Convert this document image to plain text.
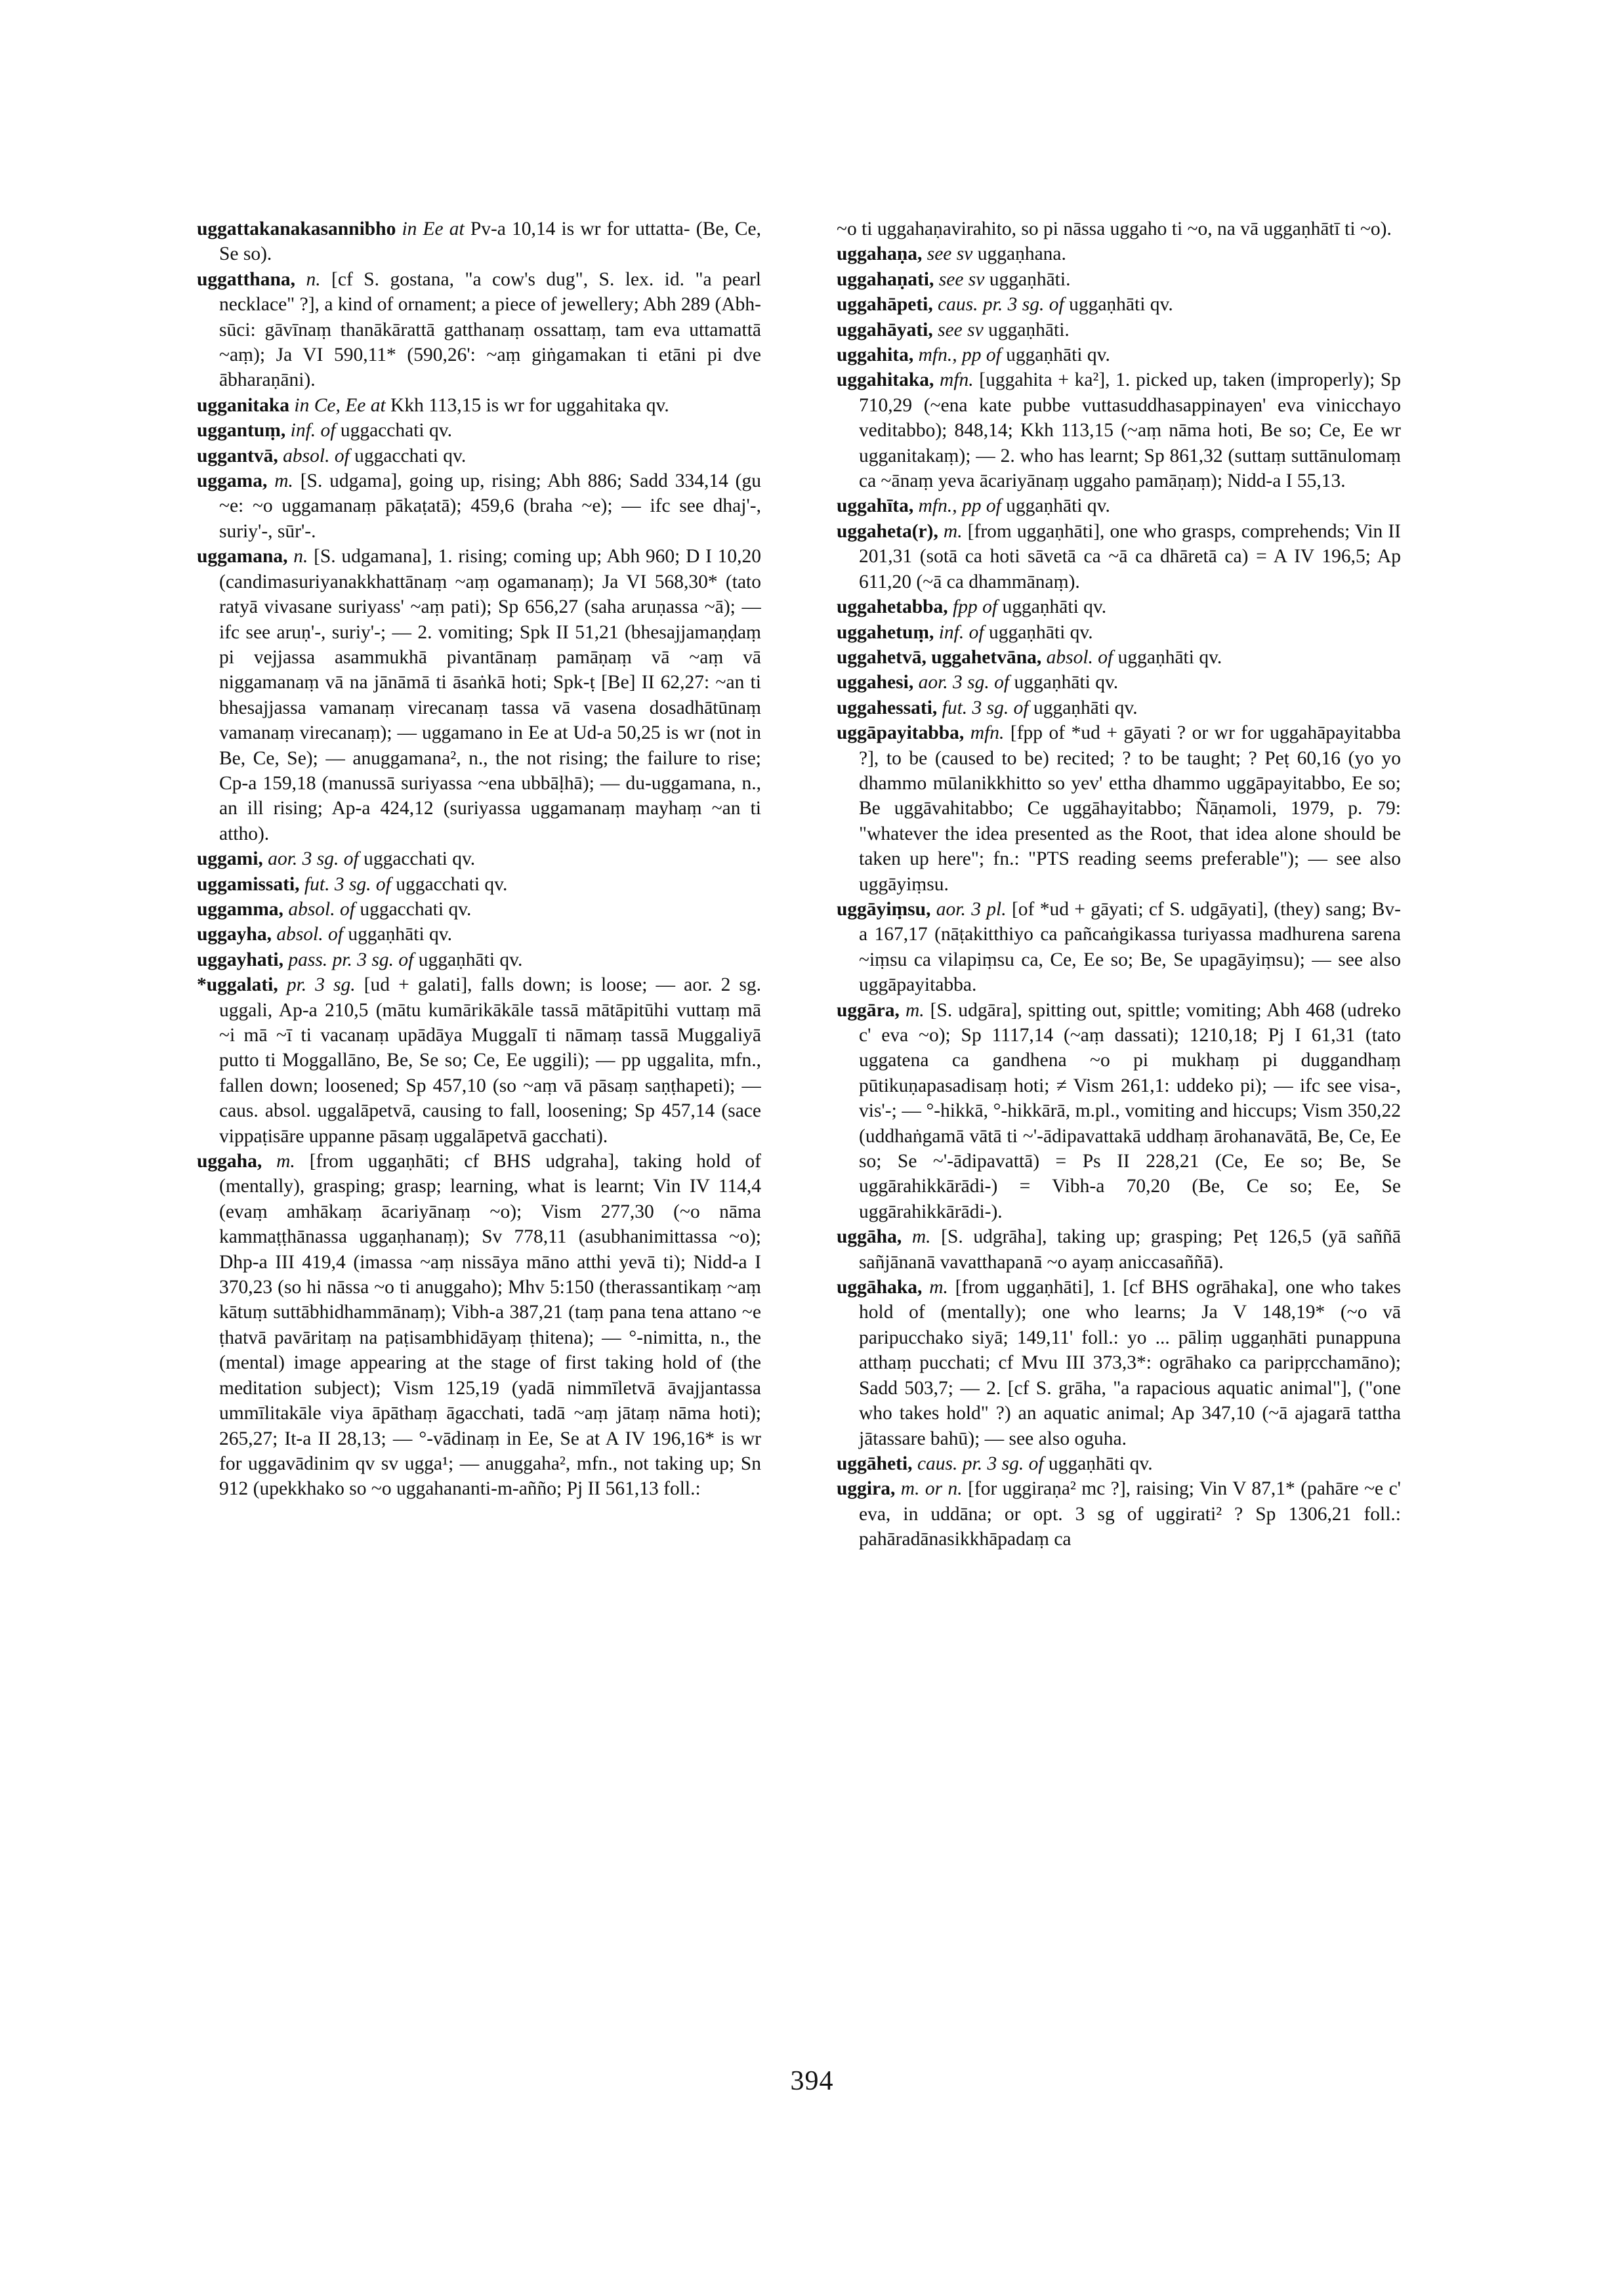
uggattakanakasannibho in Ee at Pv-a 10,14 is wr for uttatta- (Be, Ce, Se so).

uggatthana, n. [cf S. gostana, "a cow's dug", S. lex. id. "a pearl necklace" ?], a kind of ornament; a piece of jewellery; Abh 289 (Abh-sūci: gāvīnaṃ thanākārattā gatthanaṃ ossattaṃ, tam eva uttamattā ~aṃ); Ja VI 590,11* (590,26': ~aṃ giṅgamakan ti etāni pi dve ābharaṇāni).

ugganitaka in Ce, Ee at Kkh 113,15 is wr for uggahitaka qv.

uggantuṃ, inf. of uggacchati qv.

uggantvā, absol. of uggacchati qv.

uggama, m. [S. udgama], going up, rising; Abh 886; Sadd 334,14 (gu ~e: ~o uggamanaṃ pākaṭatā); 459,6 (braha ~e); — ifc see dhaj'-, suriy'-, sūr'-.

uggamana, n. [S. udgamana], 1. rising; coming up; Abh 960; D I 10,20 (candimasuriyanakkhattānaṃ ~aṃ ogamanaṃ); Ja VI 568,30* (tato ratyā vivasane suriyass' ~aṃ pati); Sp 656,27 (saha aruṇassa ~ā); — ifc see aruṇ'-, suriy'-; — 2. vomiting; Spk II 51,21 (bhesajjamaṇḍaṃ pi vejjassa asammukhā pivantānaṃ pamāṇaṃ vā ~aṃ vā niggamanaṃ vā na jānāmā ti āsaṅkā hoti; Spk-ṭ [Be] II 62,27: ~an ti bhesajjassa vamanaṃ virecanaṃ tassa vā vasena dosadhātūnaṃ vamanaṃ virecanaṃ); — uggamano in Ee at Ud-a 50,25 is wr (not in Be, Ce, Se); — anuggamana², n., the not rising; the failure to rise; Cp-a 159,18 (manussā suriyassa ~ena ubbāḷhā); — du-uggamana, n., an ill rising; Ap-a 424,12 (suriyassa uggamanaṃ mayhaṃ ~an ti attho).

uggami, aor. 3 sg. of uggacchati qv.

uggamissati, fut. 3 sg. of uggacchati qv.

uggamma, absol. of uggacchati qv.

uggayha, absol. of uggaṇhāti qv.

uggayhati, pass. pr. 3 sg. of uggaṇhāti qv.

*uggalati, pr. 3 sg. [ud + galati], falls down; is loose; — aor. 2 sg. uggali, Ap-a 210,5 (mātu kumārikākāle tassā mātāpitūhi vuttaṃ mā ~i mā ~ī ti vacanaṃ upādāya Muggalī ti nāmaṃ tassā Muggaliyā putto ti Moggallāno, Be, Se so; Ce, Ee uggili); — pp uggalita, mfn., fallen down; loosened; Sp 457,10 (so ~aṃ vā pāsaṃ saṇṭhapeti); — caus. absol. uggalāpetvā, causing to fall, loosening; Sp 457,14 (sace vippaṭisāre uppanne pāsaṃ uggalāpetvā gacchati).

uggaha, m. [from uggaṇhāti; cf BHS udgraha], taking hold of (mentally), grasping; grasp; learning, what is learnt; Vin IV 114,4 (evaṃ amhākaṃ ācariyānaṃ ~o); Vism 277,30 (~o nāma kammaṭṭhānassa uggaṇhanaṃ); Sv 778,11 (asubhanimittassa ~o); Dhp-a III 419,4 (imassa ~aṃ nissāya māno atthi yevā ti); Nidd-a I 370,23 (so hi nāssa ~o ti anuggaho); Mhv 5:150 (therassantikaṃ ~aṃ kātuṃ suttābhidhammānaṃ); Vibh-a 387,21 (taṃ pana tena attano ~e ṭhatvā pavāritaṃ na paṭisambhidāyaṃ ṭhitena); — °-nimitta, n., the (mental) image appearing at the stage of first taking hold of (the meditation subject); Vism 125,19 (yadā nimmīletvā āvajjantassa ummīlitakāle viya āpāthaṃ āgacchati, tadā ~aṃ jātaṃ nāma hoti); 265,27; It-a II 28,13; — °-vādinaṃ in Ee, Se at A IV 196,16* is wr for uggavādinim qv sv ugga¹; — anuggaha², mfn., not taking up; Sn 912 (upekkhako so ~o uggahananti-m-añño; Pj II 561,13 foll.:

~o ti uggahaṇavirahito, so pi nāssa uggaho ti ~o, na vā uggaṇhātī ti ~o).

uggahaṇa, see sv uggaṇhana.

uggahaṇati, see sv uggaṇhāti.

uggahāpeti, caus. pr. 3 sg. of uggaṇhāti qv.

uggahāyati, see sv uggaṇhāti.

uggahita, mfn., pp of uggaṇhāti qv.

uggahitaka, mfn. [uggahita + ka²], 1. picked up, taken (improperly); Sp 710,29 (~ena kate pubbe vuttasuddhasappinayen' eva vinicchayo veditabbo); 848,14; Kkh 113,15 (~aṃ nāma hoti, Be so; Ce, Ee wr ugganitakaṃ); — 2. who has learnt; Sp 861,32 (suttaṃ suttānulomaṃ ca ~ānaṃ yeva ācariyānaṃ uggaho pamāṇaṃ); Nidd-a I 55,13.

uggahīta, mfn., pp of uggaṇhāti qv.

uggaheta(r), m. [from uggaṇhāti], one who grasps, comprehends; Vin II 201,31 (sotā ca hoti sāvetā ca ~ā ca dhāretā ca) = A IV 196,5; Ap 611,20 (~ā ca dhammānaṃ).

uggahetabba, fpp of uggaṇhāti qv.

uggahetuṃ, inf. of uggaṇhāti qv.

uggahetvā, uggahetvāna, absol. of uggaṇhāti qv.

uggahesi, aor. 3 sg. of uggaṇhāti qv.

uggahessati, fut. 3 sg. of uggaṇhāti qv.

uggāpayitabba, mfn. [fpp of *ud + gāyati ? or wr for uggahāpayitabba ?], to be (caused to be) recited; ? to be taught; ? Peṭ 60,16 (yo yo dhammo mūlanikkhitto so yev' ettha dhammo uggāpayitabbo, Ee so; Be uggāvahitabbo; Ce uggāhayitabbo; Ñāṇamoli, 1979, p. 79: "whatever the idea presented as the Root, that idea alone should be taken up here"; fn.: "PTS reading seems preferable"); — see also uggāyiṃsu.

uggāyiṃsu, aor. 3 pl. [of *ud + gāyati; cf S. udgāyati], (they) sang; Bv-a 167,17 (nāṭakitthiyo ca pañcaṅgikassa turiyassa madhurena sarena ~iṃsu ca vilapiṃsu ca, Ce, Ee so; Be, Se upagāyiṃsu); — see also uggāpayitabba.

uggāra, m. [S. udgāra], spitting out, spittle; vomiting; Abh 468 (udreko c' eva ~o); Sp 1117,14 (~aṃ dassati); 1210,18; Pj I 61,31 (tato uggatena ca gandhena ~o pi mukhaṃ pi duggandhaṃ pūtikuṇapasadisaṃ hoti; ≠ Vism 261,1: uddeko pi); — ifc see visa-, vis'-; — °-hikkā, °-hikkārā, m.pl., vomiting and hiccups; Vism 350,22 (uddhaṅgamā vātā ti ~'-ādipavattakā uddhaṃ ārohanavātā, Be, Ce, Ee so; Se ~'-ādipavattā) = Ps II 228,21 (Ce, Ee so; Be, Se uggārahikkārādi-) = Vibh-a 70,20 (Be, Ce so; Ee, Se uggārahikkārādi-).

uggāha, m. [S. udgrāha], taking up; grasping; Peṭ 126,5 (yā saññā sañjānanā vavatthapanā ~o ayaṃ aniccasaññā).

uggāhaka, m. [from uggaṇhāti], 1. [cf BHS ogrāhaka], one who takes hold of (mentally); one who learns; Ja V 148,19* (~o vā paripucchako siyā; 149,11' foll.: yo ... pāliṃ uggaṇhāti punappuna atthaṃ pucchati; cf Mvu III 373,3*: ogrāhako ca paripṛcchamāno); Sadd 503,7; — 2. [cf S. grāha, "a rapacious aquatic animal"], ("one who takes hold" ?) an aquatic animal; Ap 347,10 (~ā ajagarā tattha jātassare bahū); — see also oguha.

uggāheti, caus. pr. 3 sg. of uggaṇhāti qv.

uggira, m. or n. [for uggiraṇa² mc ?], raising; Vin V 87,1* (pahāre ~e c' eva, in uddāna; or opt. 3 sg of uggirati² ? Sp 1306,21 foll.: pahāradānasikkhāpadaṃ ca

394
